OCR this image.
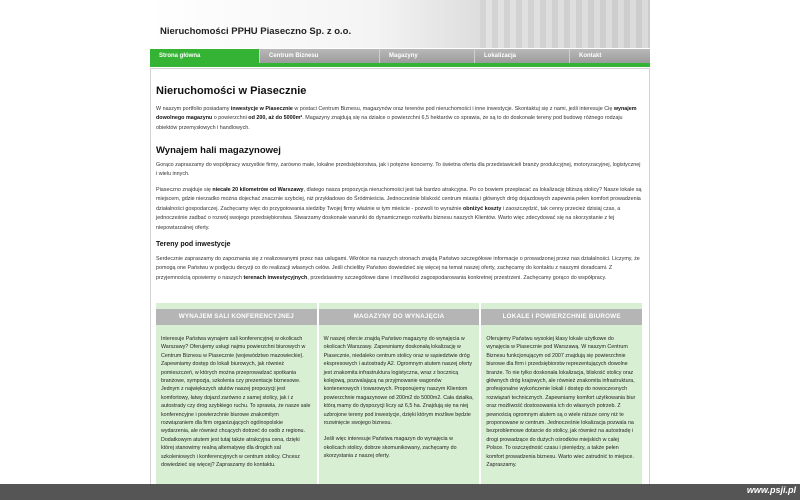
Nieruchomości PPHU Piaseczno Sp. z o.o.
Strona główna	Centrum Biznesu	Magazyny	Lokalizacja	Kontakt
Nieruchomości w Piasecznie

W naszym portfolio posiadamy inwestycje w Piasecznie w postaci Centrum Biznesu, magazynów oraz terenów pod nieruchomości i inne inwestycje. Skontaktuj się z nami, jeśli interesuje Cię wynajem dowolnego magazynu o powierzchni od 200, aż do 5000m². Magazyny znajdują się na działce o powierzchni 6,5 hektarów co sprawia, że są to do doskonale tereny pod budowę różnego rodzaju obiektów przemysłowych i handlowych.

Wynajem hali magazynowej

Gorąco zapraszamy do współpracy wszystkie firmy, zarówno małe, lokalne przedsiębiorstwa, jak i potężne koncerny. To świetna oferta dla przedstawicieli branży produkcyjnej, motoryzacyjnej, logistycznej i wielu innych.

Piaseczno znajduje się niecałe 20 kilometrów od Warszawy, dlatego nasza propozycja nieruchomości jest tak bardzo atrakcyjna. Po co bowiem przepłacać za lokalizację bliższą stolicy? Nasze lokale są miejscem, gdzie nierzadko można dojechać znacznie szybciej, niż przykładowo do Śródmieścia. Jednocześnie bliskość centrum miasta i głównych dróg dojazdowych zapewnia pełen komfort prowadzenia działalności gospodarczej. Zachęcamy więc do przygotowania siedziby Twojej firmy właśnie w tym mieście - pozwoli to wyraźnie obniżyć koszty i zaoszczędzić, tak cenny przecież dzisiaj czas, a jednocześnie zadbać o rozwój swojego przedsiębiorstwa. Stwarzamy doskonałe warunki do dynamicznego rozkwitu biznesu naszych Klientów. Warto więc zdecydować się na skorzystanie z tej niepowtarzalnej oferty.

Tereny pod inwestycje

Serdecznie zapraszamy do zapoznania się z realizowanymi przez nas usługami. Wkrótce na naszych stronach znajdą Państwo szczegółowe informacje o prowadzonej przez nas działalności. Liczymy, że pomogą one Państwu w podjęciu decyzji co do realizacji własnych celów. Jeśli chcieliby Państwo dowiedzieć się więcej na temat naszej oferty, zachęcamy do kontaktu z naszymi doradcami. Z przyjemnością opowiemy o naszych terenach inwestycyjnych, przedstawimy szczegółowe dane i możliwości zagospodarowania konkretnej przestrzeni. Zachęcamy gorąco do współpracy.

WYNAJEM SALI KONFERENCYJNEJ

Interesuje Państwa wynajem sali konferencyjnej w okolicach Warszawy? Oferujemy usługi najmu powierzchni biurowych w Centrum Biznesu w Piasecznie (województwo mazowieckie). Zapewniamy dostęp do lokali biurowych, jak również pomieszczeń, w których można przeprowadzać spotkania branżowe, sympozja, szkolenia czy prezentacje biznesowe. Jednym z największych atutów naszej propozycji jest komfortowy, łatwy dojazd zarówno z samej stolicy, jak i z autostrady czy drog szybkiego ruchu. To sprawia, że nasze sale konferencyjne i powierzchnie biurowe znakomitym rozwiązaniem dla firm organizujących ogólnopolskie wydarzenia, ale również chcących dotrzeć do osób z regionu. Dodatkowym atutem jest tutaj także atrakcyjna cena, dzięki której stanowimy realną alternatywę dla drogich sal szkoleniowych i konferencyjnych w centrum stolicy. Chcesz dowiedzieć się więcej? Zapraszamy do kontaktu.

MAGAZYNY DO WYNAJĘCIA

W naszej ofercie znajdą Państwo magazyny do wynajęcia w okolicach Warszawy. Zapewniamy doskonałą lokalizację w Piasecznie, niedaleko centrum stolicy oraz w sąsiedztwie dróg ekspresowych i autostrady A2. Ogromnym atutem naszej oferty jest znakomita infrastruktura logistyczna, wraz z bocznicą kolejową, pozwalającą na przyjmowanie wagonów kontenerowych i towarowych. Proponujemy naszym Klientom powierzchnie magazynowe od 200m2 do 5000m2. Cała działka, którą mamy do dyspozycji liczy aż 6,5 ha. Znajdują się na niej uzbrojone tereny pod inwestycje, dzięki którym możliwe będzie rozwinięcie swojego biznesu.

Jeśli więc interesuje Państwa magazyn do wynajęcia w okolicach stolicy, dobrze skomunikowany, zachęcamy do skorzystania z naszej oferty.

LOKALE I POWIERZCHNIE BIUROWE

Oferujemy Państwu wysokiej klasy lokale użytkowe do wynajęcia w Piasecznie pod Warszawą. W naszym Centrum Biznesu funkcjonującym od 2007 znajdują się powierzchnie biurowe dla firm i przedsiębiorstw reprezentujących dowolne branże. To nie tylko doskonała lokalizacja, bliskość stolicy oraz głównych dróg krajowych, ale również znakomita infrastruktura, profesjonalne wykończenie lokali i dostęp do nowoczesnych rozwiązań technicznych. Zapewniamy komfort użytkowania biur oraz możliwość dostosowania ich do własnych potrzeb. Z pewnością ogromnym atutem są o wiele niższe ceny niż te proponowane w centrum. Jednocześnie lokalizacja pozwala na bezproblemowe dotarcie do stolicy, jak również na autostradę i drogi prowadzące do dużych ośrodków miejskich w całej Polsce. To oszczędność czasu i pieniędzy, a także pełen komfort prowadzenia biznesu. Warto wiec zatrudnić to miejsce. Zapraszamy.

www.psji.pl
